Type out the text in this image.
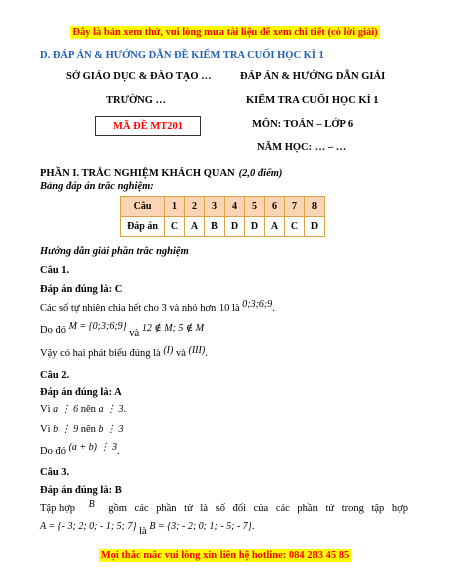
Đây là bản xem thử, vui lòng mua tài liệu để xem chi tiết (có lời giải)
D. ĐÁP ÁN & HƯỚNG DẪN ĐỀ KIỂM TRA CUỐI HỌC KÌ 1
SỞ GIÁO DỤC & ĐÀO TẠO …
TRƯỜNG …
MÃ ĐỀ MT201
ĐÁP ÁN & HƯỚNG DẪN GIẢI
KIỂM TRA CUỐI HỌC KÌ 1
MÔN: TOÁN – LỚP 6
NĂM HỌC: … – …
PHẦN I. TRẮC NGHIỆM KHÁCH QUAN (2,0 điểm)
Bảng đáp án trắc nghiệm:
Câu	1	2	3	4	5	6	7	8
Đáp án	C	A	B	D	D	A	C	D
Hướng dẫn giải phần trắc nghiệm
Câu 1.
Đáp án đúng là: C
Các số tự nhiên chia hết cho 3 và nhỏ hơn 10 là 0;3;6;9.
Do đó M = {0;3;6;9} và 12 ∉ M; 5 ∉ M
Vậy có hai phát biểu đúng là (I) và (III).
Câu 2.
Đáp án đúng là: A
Vì a ⋮ 6 nên a ⋮ 3.
Vì b ⋮ 9 nên b ⋮ 3
Do đó (a + b) ⋮ 3.
Câu 3.
Đáp án đúng là: B
Tập hợp B gồm các phần tử là số đối của các phần tử trong tập hợp
A = {- 3; 2; 0; - 1; 5; 7} là B = {3; - 2; 0; 1; - 5; - 7}.
Mọi thắc mắc vui lòng xin liên hệ hotline: 084 283 45 85
